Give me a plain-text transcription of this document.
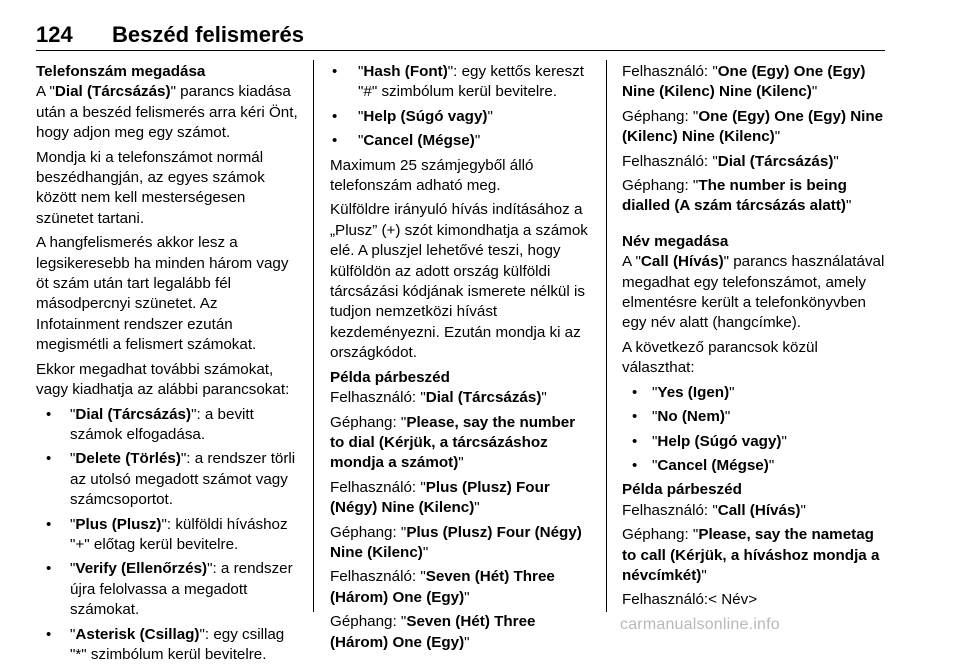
124 Beszéd felismerés

Telefonszám megadása

A "Dial (Tárcsázás)" parancs kiadása után a beszéd felismerés arra kéri Önt, hogy adjon meg egy számot.

Mondja ki a telefonszámot normál beszédhangján, az egyes számok között nem kell mesterségesen szünetet tartani.

A hangfelismerés akkor lesz a legsikeresebb ha minden három vagy öt szám után tart legalább fél másodpercnyi szünetet. Az Infotainment rendszer ezután megismétli a felismert számokat.

Ekkor megadhat további számokat, vagy kiadhatja az alábbi parancsokat:

• "Dial (Tárcsázás)": a bevitt számok elfogadása.
• "Delete (Törlés)": a rendszer törli az utolsó megadott számot vagy számcsoportot.
• "Plus (Plusz)": külföldi híváshoz "+" előtag kerül bevitelre.
• "Verify (Ellenőrzés)": a rendszer újra felolvassa a megadott számokat.
• "Asterisk (Csillag)": egy csillag "*" szimbólum kerül bevitelre.
• "Hash (Font)": egy kettős kereszt "#" szimbólum kerül bevitelre.
• "Help (Súgó vagy)"
• "Cancel (Mégse)"

Maximum 25 számjegyből álló telefonszám adható meg.

Külföldre irányuló hívás indításához a „Plusz” (+) szót kimondhatja a számok elé. A pluszjel lehetővé teszi, hogy külföldön az adott ország külföldi tárcsázási kódjának ismerete nélkül is tudjon nemzetközi hívást kezdeményezni. Ezután mondja ki az országkódot.

Példa párbeszéd

Felhasználó: "Dial (Tárcsázás)"

Géphang: "Please, say the number to dial (Kérjük, a tárcsázáshoz mondja a számot)"

Felhasználó: "Plus (Plusz) Four (Négy) Nine (Kilenc)"

Géphang: "Plus (Plusz) Four (Négy) Nine (Kilenc)"

Felhasználó: "Seven (Hét) Three (Három) One (Egy)"

Géphang: "Seven (Hét) Three (Három) One (Egy)"

Felhasználó: "One (Egy) One (Egy) Nine (Kilenc) Nine (Kilenc)"

Géphang: "One (Egy) One (Egy) Nine (Kilenc) Nine (Kilenc)"

Felhasználó: "Dial (Tárcsázás)"

Géphang: "The number is being dialled (A szám tárcsázás alatt)"

Név megadása

A "Call (Hívás)" parancs használatával megadhat egy telefonszámot, amely elmentésre került a telefonkönyvben egy név alatt (hangcímke).

A következő parancsok közül választhat:

• "Yes (Igen)"
• "No (Nem)"
• "Help (Súgó vagy)"
• "Cancel (Mégse)"

Példa párbeszéd

Felhasználó: "Call (Hívás)"

Géphang: "Please, say the nametag to call (Kérjük, a híváshoz mondja a névcímkét)"

Felhasználó:< Név>

carmanualsonline.info
